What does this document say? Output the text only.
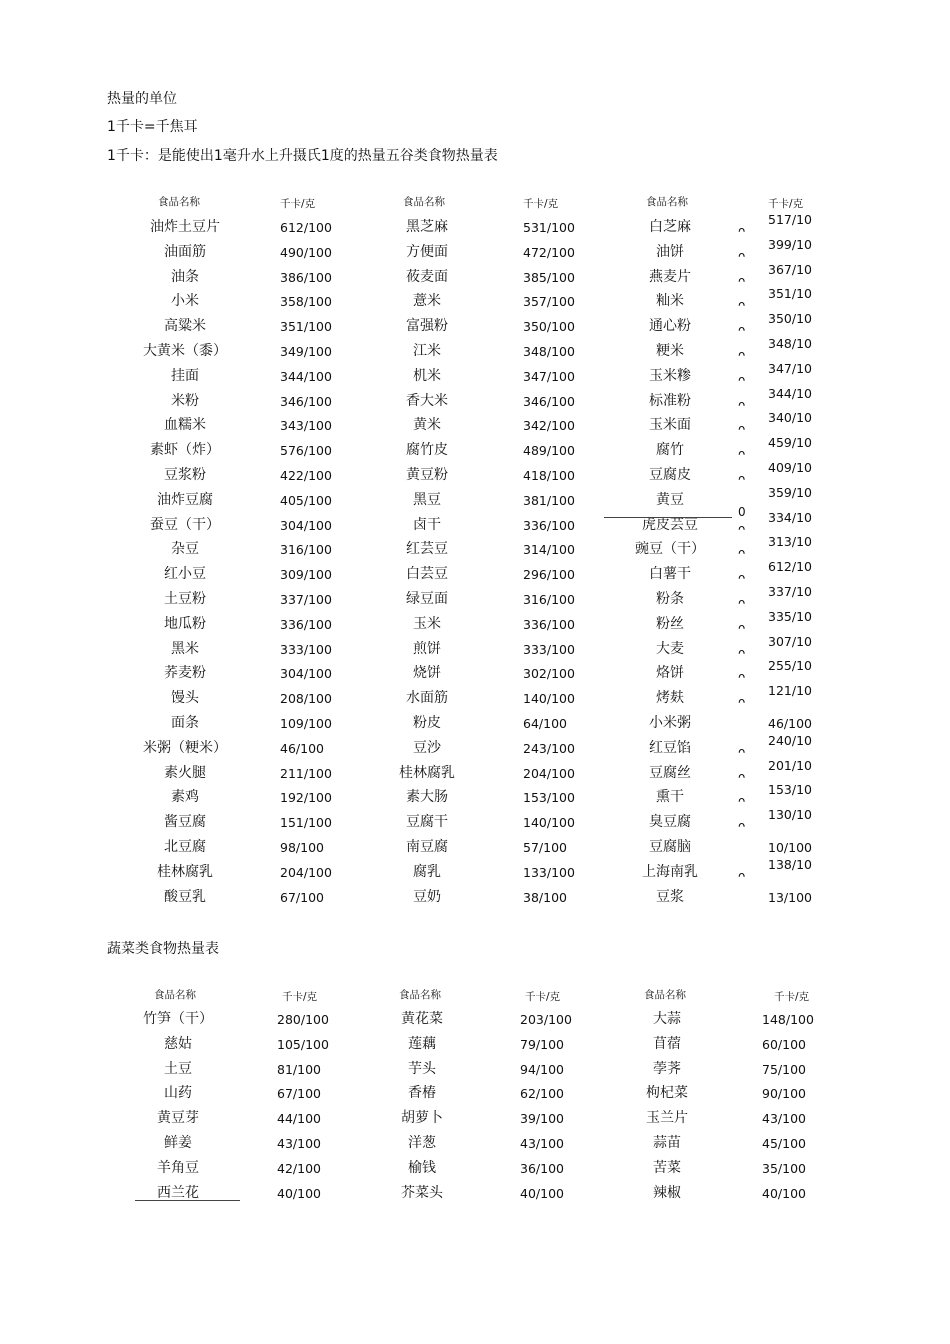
热量的单位
1千卡=千焦耳
1千卡：是能使出1毫升水上升摄氏1度的热量五谷类食物热量表
食品名称	千卡/克	食品名称	千卡/克	食品名称	千卡/克
油炸土豆片	612/100	黑芝麻	531/100	白芝麻	517/10
ᴖ
油面筋	490/100	方便面	472/100	油饼	399/10
ᴖ
油条	386/100	莜麦面	385/100	燕麦片	367/10
ᴖ
小米	358/100	薏米	357/100	籼米	351/10
ᴖ
高粱米	351/100	富强粉	350/100	通心粉	350/10
ᴖ
大黄米（黍）	349/100	江米	348/100	粳米	348/10
ᴖ
挂面	344/100	机米	347/100	玉米糁	347/10
ᴖ
米粉	346/100	香大米	346/100	标准粉	344/10
ᴖ
血糯米	343/100	黄米	342/100	玉米面	340/10
ᴖ
素虾（炸）	576/100	腐竹皮	489/100	腐竹	459/10
ᴖ
豆浆粉	422/100	黄豆粉	418/100	豆腐皮	409/10
ᴖ
油炸豆腐	405/100	黑豆	381/100	黄豆	359/10
0
蚕豆（干）	304/100	卤干	336/100	虎皮芸豆	334/10
ᴖ
杂豆	316/100	红芸豆	314/100	豌豆（干）	313/10
ᴖ
红小豆	309/100	白芸豆	296/100	白薯干	612/10
ᴖ
土豆粉	337/100	绿豆面	316/100	粉条	337/10
ᴖ
地瓜粉	336/100	玉米	336/100	粉丝	335/10
ᴖ
黑米	333/100	煎饼	333/100	大麦	307/10
ᴖ
荞麦粉	304/100	烧饼	302/100	烙饼	255/10
ᴖ
馒头	208/100	水面筋	140/100	烤麸	121/10
ᴖ
面条	109/100	粉皮	64/100	小米粥	46/100
米粥（粳米）	46/100	豆沙	243/100	红豆馅	240/10
ᴖ
素火腿	211/100	桂林腐乳	204/100	豆腐丝	201/10
ᴖ
素鸡	192/100	素大肠	153/100	熏干	153/10
ᴖ
酱豆腐	151/100	豆腐干	140/100	臭豆腐	130/10
ᴖ
北豆腐	98/100	南豆腐	57/100	豆腐脑	10/100
桂林腐乳	204/100	腐乳	133/100	上海南乳	138/10
ᴖ
酸豆乳	67/100	豆奶	38/100	豆浆	13/100
蔬菜类食物热量表
食品名称	千卡/克	食品名称	千卡/克	食品名称	千卡/克
竹笋（干）	280/100	黄花菜	203/100	大蒜	148/100
慈姑	105/100	莲藕	79/100	苜蓿	60/100
土豆	81/100	芋头	94/100	荸荠	75/100
山药	67/100	香椿	62/100	枸杞菜	90/100
黄豆芽	44/100	胡萝卜	39/100	玉兰片	43/100
鲜姜	43/100	洋葱	43/100	蒜苗	45/100
羊角豆	42/100	榆钱	36/100	苦菜	35/100
西兰花	40/100	芥菜头	40/100	辣椒	40/100
